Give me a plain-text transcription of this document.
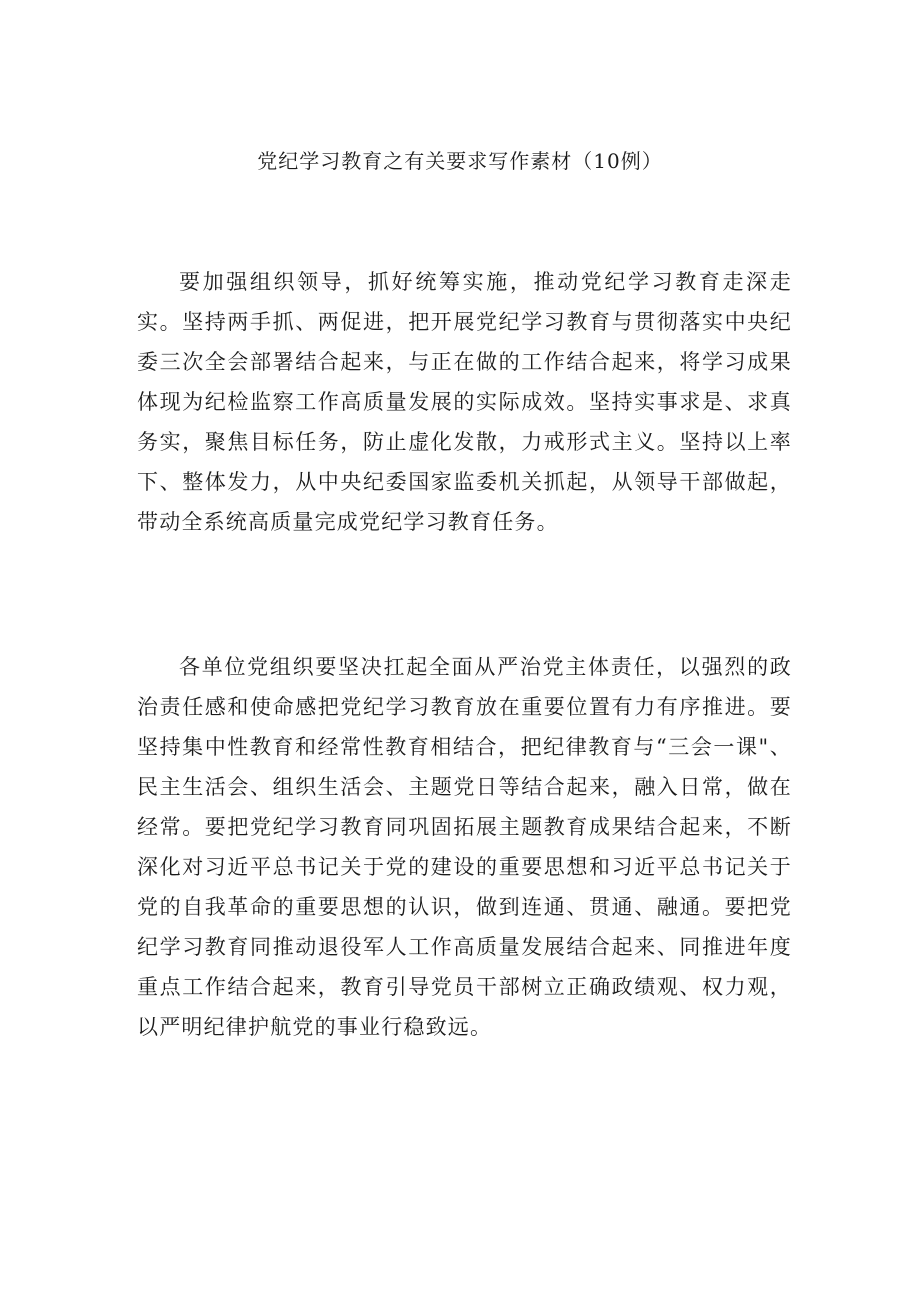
党纪学习教育之有关要求写作素材（10例）

要加强组织领导，抓好统筹实施，推动党纪学习教育走深走实。坚持两手抓、两促进，把开展党纪学习教育与贯彻落实中央纪委三次全会部署结合起来，与正在做的工作结合起来，将学习成果体现为纪检监察工作高质量发展的实际成效。坚持实事求是、求真务实，聚焦目标任务，防止虚化发散，力戒形式主义。坚持以上率下、整体发力，从中央纪委国家监委机关抓起，从领导干部做起，带动全系统高质量完成党纪学习教育任务。

各单位党组织要坚决扛起全面从严治党主体责任，以强烈的政治责任感和使命感把党纪学习教育放在重要位置有力有序推进。要坚持集中性教育和经常性教育相结合，把纪律教育与“三会一课"、民主生活会、组织生活会、主题党日等结合起来，融入日常，做在经常。要把党纪学习教育同巩固拓展主题教育成果结合起来，不断深化对习近平总书记关于党的建设的重要思想和习近平总书记关于党的自我革命的重要思想的认识，做到连通、贯通、融通。要把党纪学习教育同推动退役军人工作高质量发展结合起来、同推进年度重点工作结合起来，教育引导党员干部树立正确政绩观、权力观，以严明纪律护航党的事业行稳致远。
